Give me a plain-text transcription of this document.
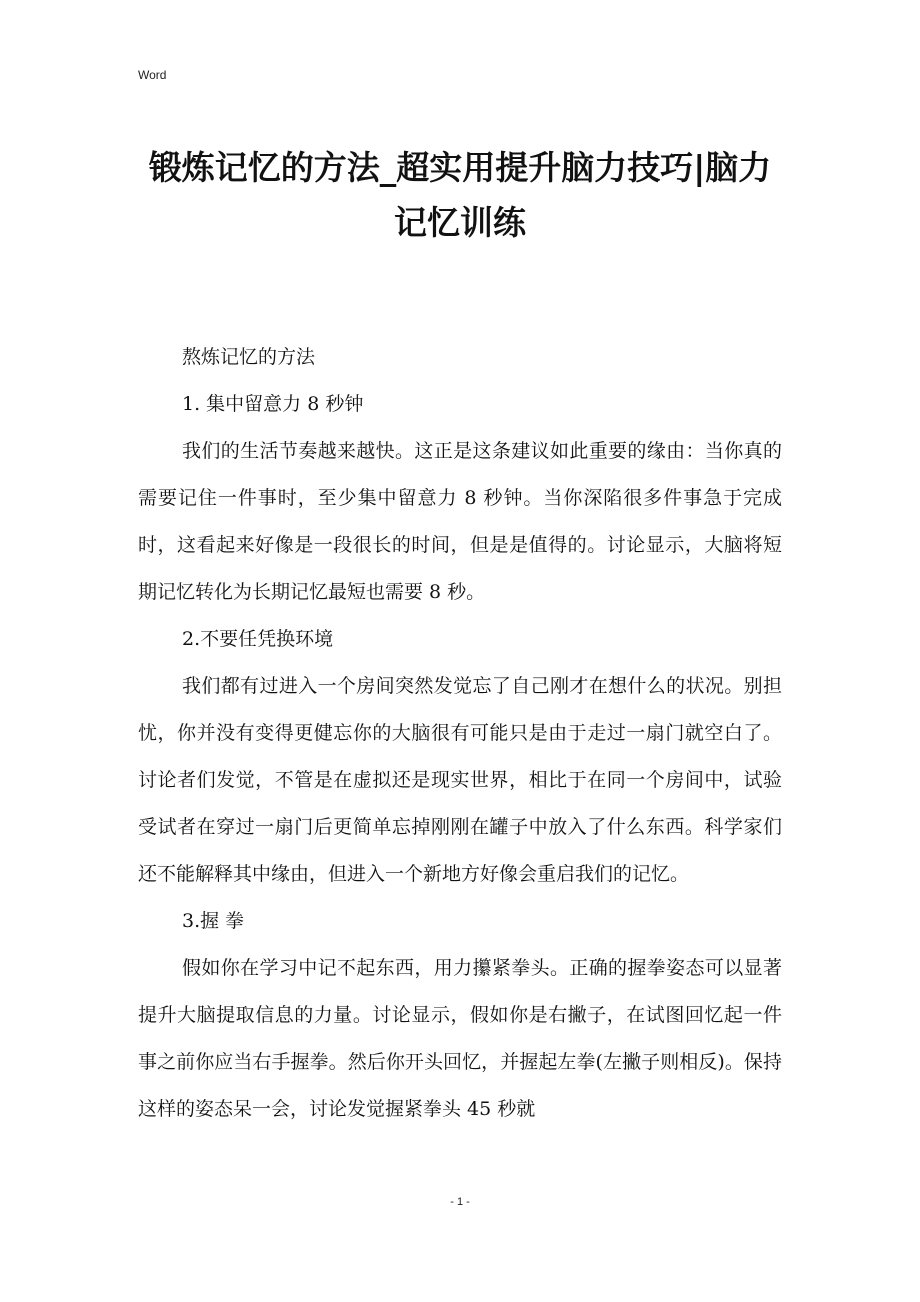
Word
锻炼记忆的方法_超实用提升脑力技巧|脑力记忆训练

熬炼记忆的方法

1. 集中留意力 8 秒钟

我们的生活节奏越来越快。这正是这条建议如此重要的缘由：当你真的需要记住一件事时，至少集中留意力 8 秒钟。当你深陷很多件事急于完成时，这看起来好像是一段很长的时间，但是是值得的。讨论显示，大脑将短期记忆转化为长期记忆最短也需要 8 秒。

2.不要任凭换环境

我们都有过进入一个房间突然发觉忘了自己刚才在想什么的状况。别担忧，你并没有变得更健忘你的大脑很有可能只是由于走过一扇门就空白了。讨论者们发觉，不管是在虚拟还是现实世界，相比于在同一个房间中，试验受试者在穿过一扇门后更简单忘掉刚刚在罐子中放入了什么东西。科学家们还不能解释其中缘由，但进入一个新地方好像会重启我们的记忆。

3.握 拳

假如你在学习中记不起东西，用力攥紧拳头。正确的握拳姿态可以显著提升大脑提取信息的力量。讨论显示，假如你是右撇子，在试图回忆起一件事之前你应当右手握拳。然后你开头回忆，并握起左拳(左撇子则相反)。保持这样的姿态呆一会，讨论发觉握紧拳头 45 秒就

- 1 -
